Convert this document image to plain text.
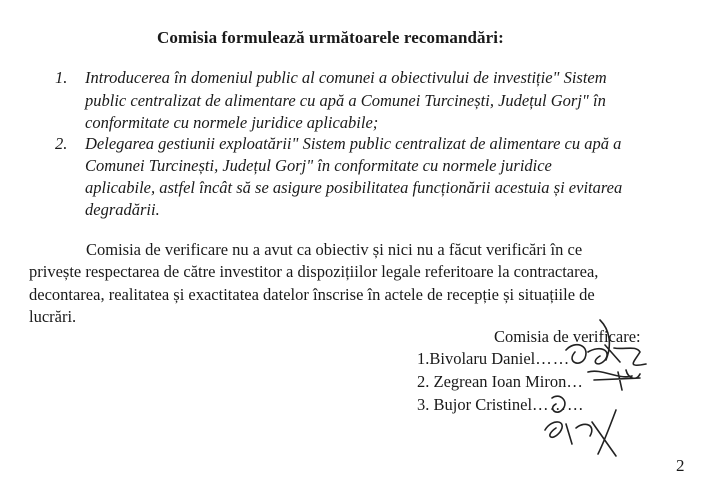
Comisia formulează următoarele recomandări:
1. Introducerea în domeniul public al comunei a obiectivului de investiție" Sistem
public centralizat de alimentare cu apă a Comunei Turcinești, Județul Gorj" în
conformitate cu normele juridice aplicabile;
2. Delegarea gestiunii exploatării" Sistem public centralizat de alimentare cu apă a
Comunei Turcinești, Județul Gorj" în conformitate cu normele juridice
aplicabile, astfel încât să se asigure posibilitatea funcționării acestuia și evitarea
degradării.
Comisia de verificare nu a avut ca obiectiv și nici nu a făcut verificări în ce
privește respectarea de către investitor a dispozițiilor legale referitoare la contractarea,
decontarea, realitatea și exactitatea datelor înscrise în actele de recepție și situațiile de
lucrări.
Comisia de verificare:
1.Bivolaru Daniel……
2. Zegrean Ioan Miron…
3. Bujor Cristinel………
2
